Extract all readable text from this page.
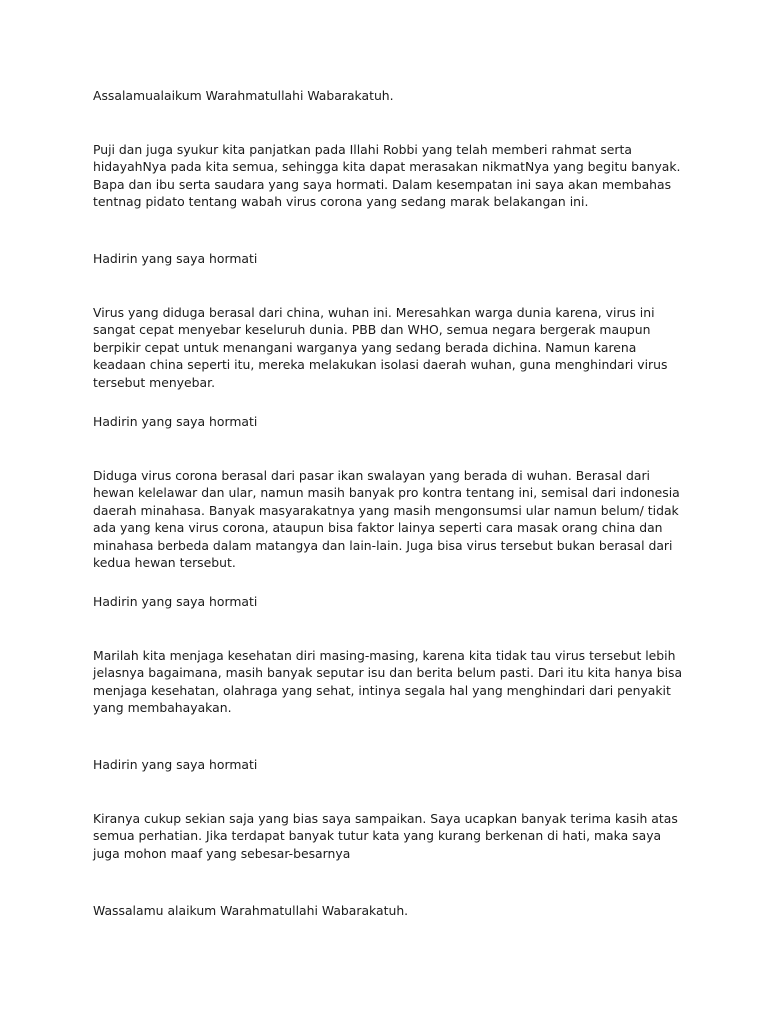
Assalamualaikum Warahmatullahi Wabarakatuh.

Puji dan juga syukur kita panjatkan pada Illahi Robbi yang telah memberi rahmat serta hidayahNya pada kita semua, sehingga kita dapat merasakan nikmatNya yang begitu banyak. Bapa dan ibu serta saudara yang saya hormati. Dalam kesempatan ini saya akan membahas tentnag pidato tentang wabah virus corona yang sedang marak belakangan ini.

Hadirin yang saya hormati

Virus yang diduga berasal dari china, wuhan ini. Meresahkan warga dunia karena, virus ini sangat cepat menyebar keseluruh dunia. PBB dan WHO, semua negara bergerak maupun berpikir cepat untuk menangani warganya yang sedang berada dichina. Namun karena keadaan china seperti itu, mereka melakukan isolasi daerah wuhan, guna menghindari virus tersebut menyebar.

Hadirin yang saya hormati

Diduga virus corona berasal dari pasar ikan swalayan yang berada di wuhan. Berasal dari hewan kelelawar dan ular, namun masih banyak pro kontra tentang ini, semisal dari indonesia daerah minahasa. Banyak masyarakatnya yang masih mengonsumsi ular namun belum/ tidak ada yang kena virus corona, ataupun bisa faktor lainya seperti cara masak orang china dan minahasa berbeda dalam matangya dan lain-lain. Juga bisa virus tersebut bukan berasal dari kedua hewan tersebut.

Hadirin yang saya hormati

Marilah kita menjaga kesehatan diri masing-masing, karena kita tidak tau virus tersebut lebih jelasnya bagaimana, masih banyak seputar isu dan berita belum pasti. Dari itu kita hanya bisa menjaga kesehatan, olahraga yang sehat, intinya segala hal yang menghindari dari penyakit yang membahayakan.

Hadirin yang saya hormati

Kiranya cukup sekian saja yang bias saya sampaikan. Saya ucapkan banyak terima kasih atas semua perhatian. Jika terdapat banyak tutur kata yang kurang berkenan di hati, maka saya juga mohon maaf yang sebesar-besarnya

Wassalamu alaikum Warahmatullahi Wabarakatuh.
